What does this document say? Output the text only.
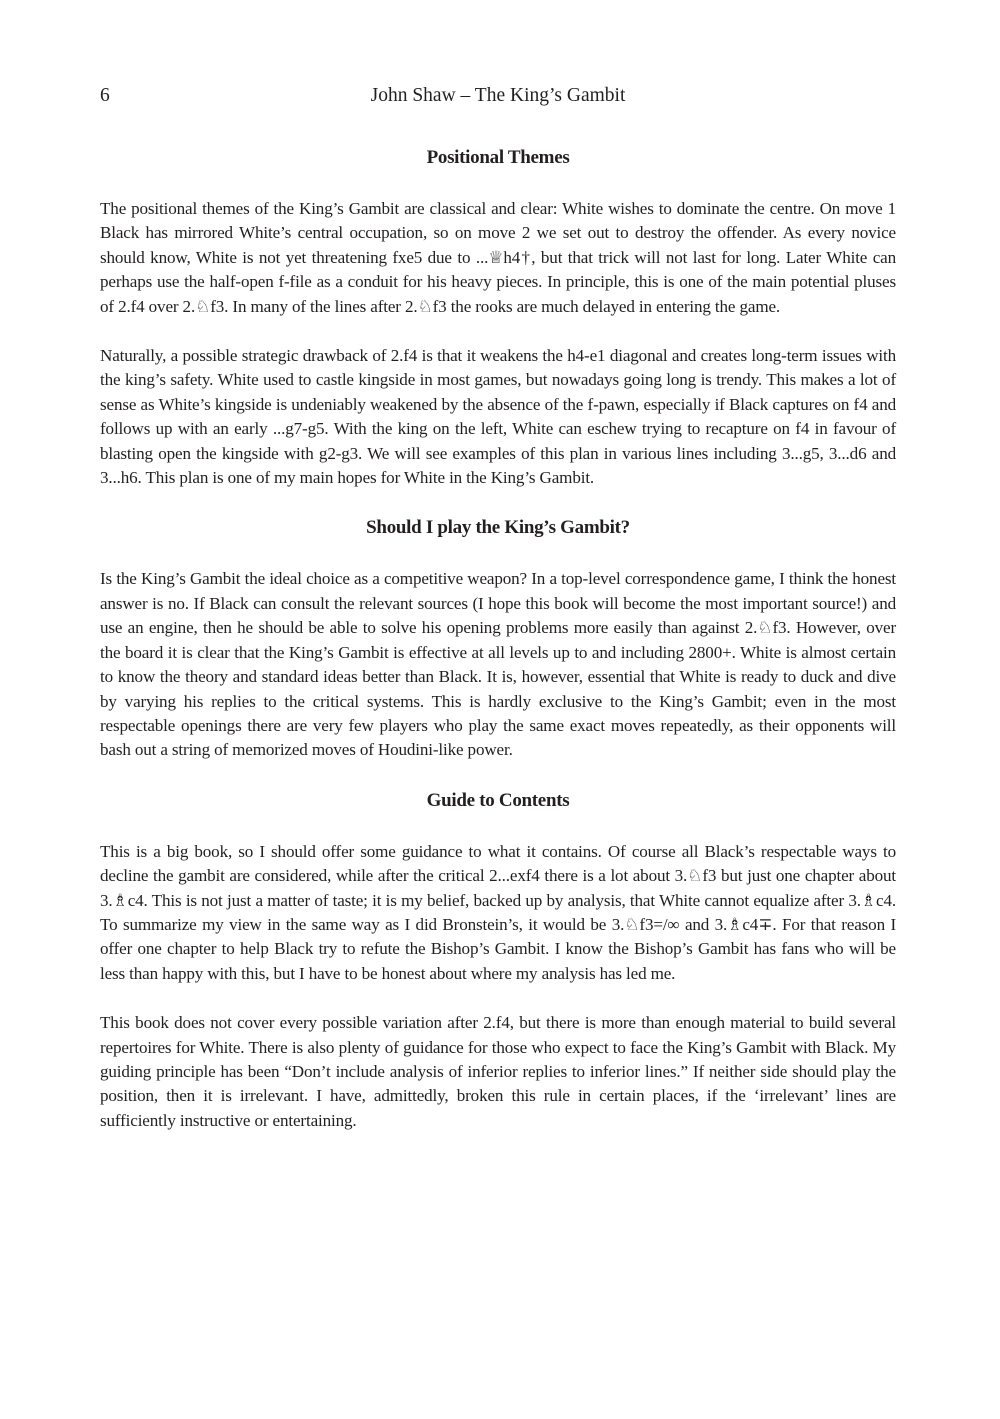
6	John Shaw – The King’s Gambit
Positional Themes

The positional themes of the King’s Gambit are classical and clear: White wishes to dominate the centre. On move 1 Black has mirrored White’s central occupation, so on move 2 we set out to destroy the offender. As every novice should know, White is not yet threatening fxe5 due to ...♕h4†, but that trick will not last for long. Later White can perhaps use the half-open f-file as a conduit for his heavy pieces. In principle, this is one of the main potential pluses of 2.f4 over 2.♘f3. In many of the lines after 2.♘f3 the rooks are much delayed in entering the game.

Naturally, a possible strategic drawback of 2.f4 is that it weakens the h4-e1 diagonal and creates long-term issues with the king’s safety. White used to castle kingside in most games, but nowadays going long is trendy. This makes a lot of sense as White’s kingside is undeniably weakened by the absence of the f-pawn, especially if Black captures on f4 and follows up with an early ...g7-g5. With the king on the left, White can eschew trying to recapture on f4 in favour of blasting open the kingside with g2-g3. We will see examples of this plan in various lines including 3...g5, 3...d6 and 3...h6. This plan is one of my main hopes for White in the King’s Gambit.

Should I play the King’s Gambit?

Is the King’s Gambit the ideal choice as a competitive weapon? In a top-level correspondence game, I think the honest answer is no. If Black can consult the relevant sources (I hope this book will become the most important source!) and use an engine, then he should be able to solve his opening problems more easily than against 2.♘f3. However, over the board it is clear that the King’s Gambit is effective at all levels up to and including 2800+. White is almost certain to know the theory and standard ideas better than Black. It is, however, essential that White is ready to duck and dive by varying his replies to the critical systems. This is hardly exclusive to the King’s Gambit; even in the most respectable openings there are very few players who play the same exact moves repeatedly, as their opponents will bash out a string of memorized moves of Houdini-like power.

Guide to Contents

This is a big book, so I should offer some guidance to what it contains. Of course all Black’s respectable ways to decline the gambit are considered, while after the critical 2...exf4 there is a lot about 3.♘f3 but just one chapter about 3.♗c4. This is not just a matter of taste; it is my belief, backed up by analysis, that White cannot equalize after 3.♗c4. To summarize my view in the same way as I did Bronstein’s, it would be 3.♘f3=/∞ and 3.♗c4∓. For that reason I offer one chapter to help Black try to refute the Bishop’s Gambit. I know the Bishop’s Gambit has fans who will be less than happy with this, but I have to be honest about where my analysis has led me.

This book does not cover every possible variation after 2.f4, but there is more than enough material to build several repertoires for White. There is also plenty of guidance for those who expect to face the King’s Gambit with Black. My guiding principle has been “Don’t include analysis of inferior replies to inferior lines.” If neither side should play the position, then it is irrelevant. I have, admittedly, broken this rule in certain places, if the ‘irrelevant’ lines are sufficiently instructive or entertaining.
